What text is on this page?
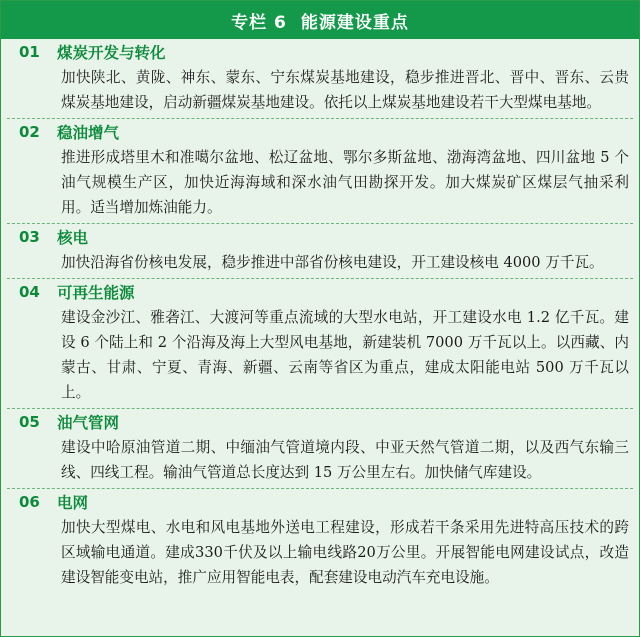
专栏 6 能源建设重点
01	煤炭开发与转化
加快陕北、黄陇、神东、蒙东、宁东煤炭基地建设，稳步推进晋北、晋中、晋东、云贵煤炭基地建设，启动新疆煤炭基地建设。依托以上煤炭基地建设若干大型煤电基地。
02	稳油增气
推进形成塔里木和准噶尔盆地、松辽盆地、鄂尔多斯盆地、渤海湾盆地、四川盆地 5 个油气规模生产区，加快近海海域和深水油气田勘探开发。加大煤炭矿区煤层气抽采利用。适当增加炼油能力。
03	核电
加快沿海省份核电发展，稳步推进中部省份核电建设，开工建设核电 4000 万千瓦。
04	可再生能源
建设金沙江、雅砻江、大渡河等重点流域的大型水电站，开工建设水电 1.2 亿千瓦。建设 6 个陆上和 2 个沿海及海上大型风电基地，新建装机 7000 万千瓦以上。以西藏、内蒙古、甘肃、宁夏、青海、新疆、云南等省区为重点，建成太阳能电站 500 万千瓦以上。
05	油气管网
建设中哈原油管道二期、中缅油气管道境内段、中亚天然气管道二期，以及西气东输三线、四线工程。输油气管道总长度达到 15 万公里左右。加快储气库建设。
06	电网
加快大型煤电、水电和风电基地外送电工程建设，形成若干条采用先进特高压技术的跨区域输电通道。建成330千伏及以上输电线路20万公里。开展智能电网建设试点，改造建设智能变电站，推广应用智能电表，配套建设电动汽车充电设施。
